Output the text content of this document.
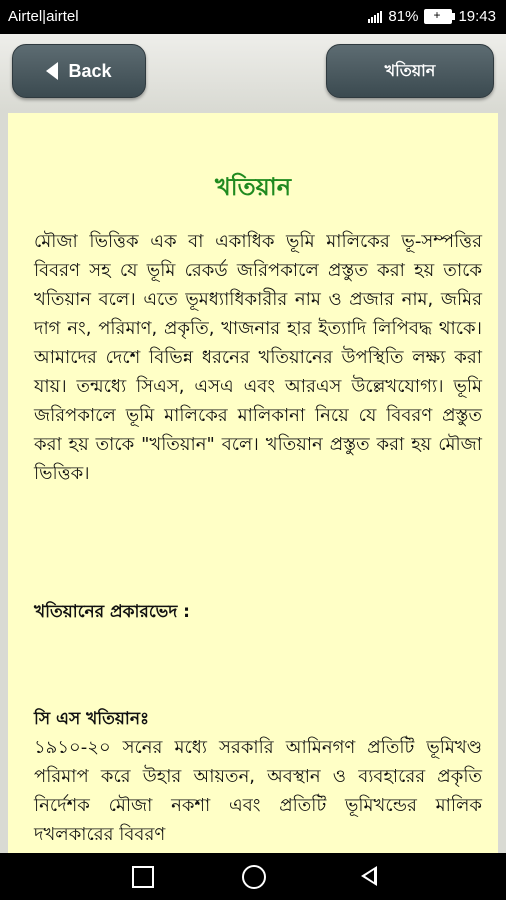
Airtel|airtel	81% + 19:43
Back	খতিয়ান
খতিয়ান
মৌজা ভিত্তিক এক বা একাধিক ভূমি মালিকের ভূ-সম্পত্তির বিবরণ সহ যে ভূমি রেকর্ড জরিপকালে প্রস্তুত করা হয় তাকে খতিয়ান বলে। এতে ভূমধ্যাধিকারীর নাম ও প্রজার নাম, জমির দাগ নং, পরিমাণ, প্রকৃতি, খাজনার হার ইত্যাদি লিপিবদ্ধ থাকে। আমাদের দেশে বিভিন্ন ধরনের খতিয়ানের উপস্থিতি লক্ষ্য করা যায়। তন্মধ্যে সিএস, এসএ এবং আরএস উল্লেখযোগ্য। ভূমি জরিপকালে ভূমি মালিকের মালিকানা নিয়ে যে বিবরণ প্রস্তুত করা হয় তাকে "খতিয়ান" বলে। খতিয়ান প্রস্তুত করা হয় মৌজা ভিত্তিক।
খতিয়ানের প্রকারভেদ :
সি এস খতিয়ানঃ
১৯১০-২০ সনের মধ্যে সরকারি আমিনগণ প্রতিটি ভূমিখণ্ড পরিমাপ করে উহার আয়তন, অবস্থান ও ব্যবহারের প্রকৃতি নির্দেশক মৌজা নকশা এবং প্রতিটি ভূমিখন্ডের মালিক দখলকারের বিবরণ
